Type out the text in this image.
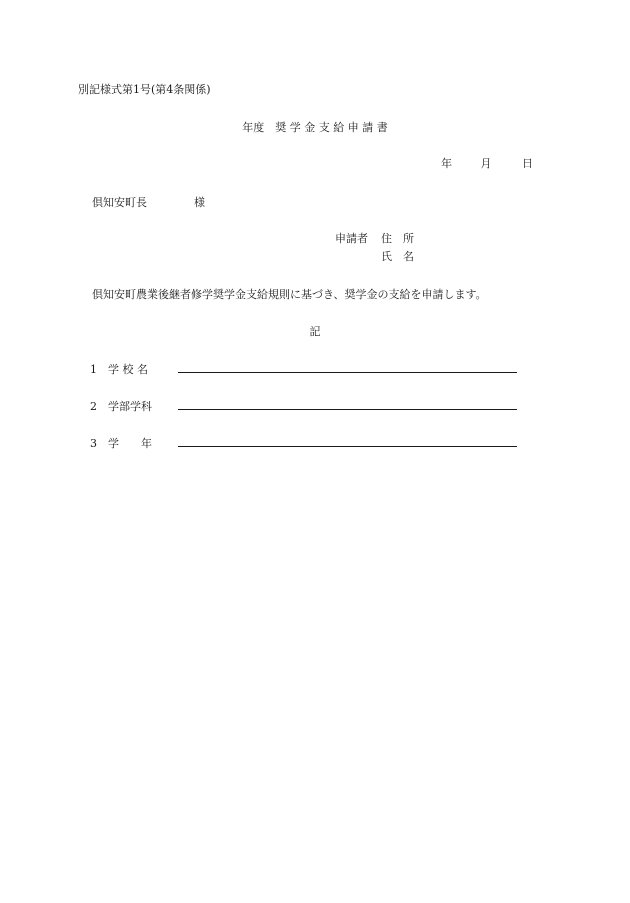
別記様式第1号(第4条関係)
年度　奨 学 金 支 給 申 請 書
年	月	日
倶知安町長	様
申請者 住　所
氏　名
倶知安町農業後継者修学奨学金支給規則に基づき、奨学金の支給を申請します。
記
1 学 校 名
2 学部学科
3 学　　年
